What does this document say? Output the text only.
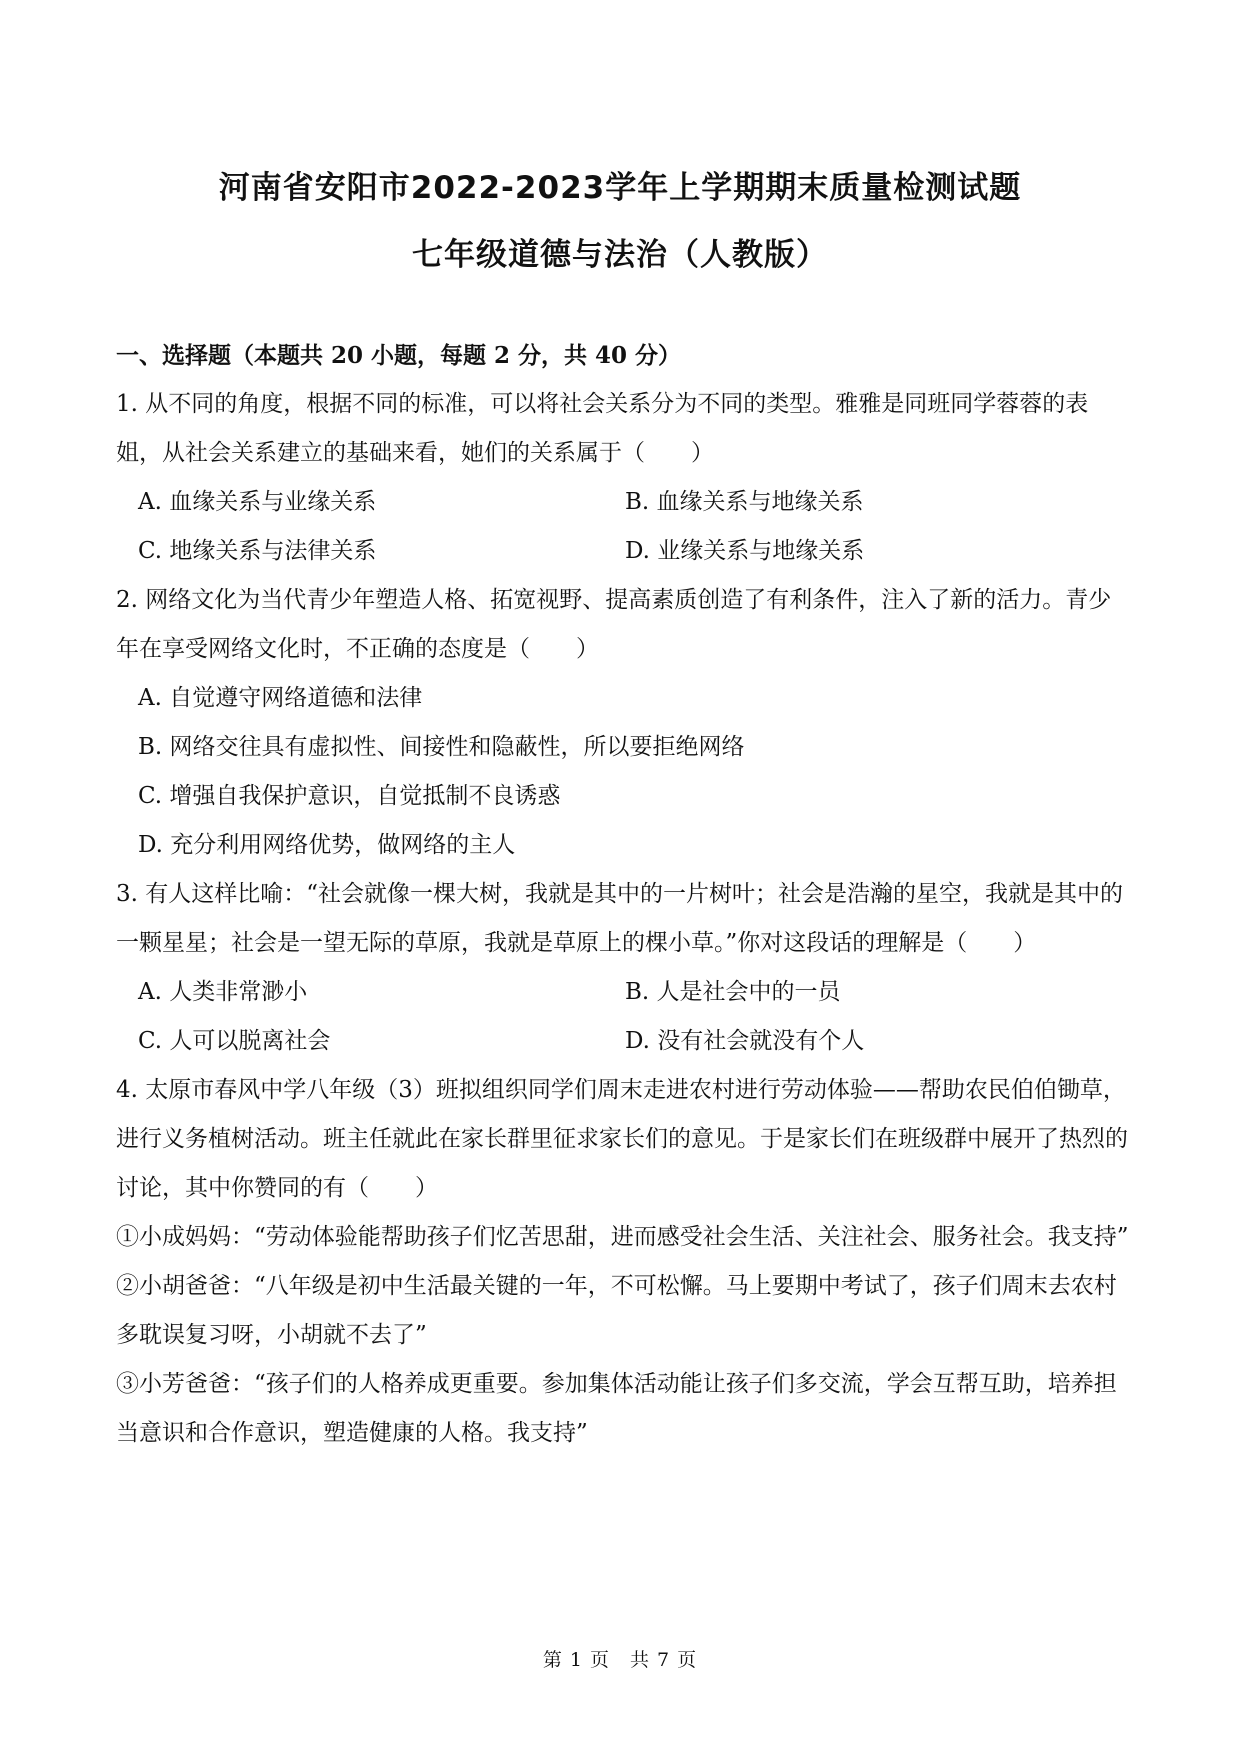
河南省安阳市2022-2023学年上学期期末质量检测试题
七年级道德与法治（人教版）
一、选择题（本题共 20 小题，每题 2 分，共 40 分）
1. 从不同的角度，根据不同的标准，可以将社会关系分为不同的类型。雅雅是同班同学蓉蓉的表姐，从社会关系建立的基础来看，她们的关系属于（　　）
A. 血缘关系与业缘关系	B. 血缘关系与地缘关系
C. 地缘关系与法律关系	D. 业缘关系与地缘关系
2. 网络文化为当代青少年塑造人格、拓宽视野、提高素质创造了有利条件，注入了新的活力。青少年在享受网络文化时，不正确的态度是（　　）
A. 自觉遵守网络道德和法律
B. 网络交往具有虚拟性、间接性和隐蔽性，所以要拒绝网络
C. 增强自我保护意识，自觉抵制不良诱惑
D. 充分利用网络优势，做网络的主人
3. 有人这样比喻：“社会就像一棵大树，我就是其中的一片树叶；社会是浩瀚的星空，我就是其中的一颗星星；社会是一望无际的草原，我就是草原上的棵小草。”你对这段话的理解是（　　）
A. 人类非常渺小	B. 人是社会中的一员
C. 人可以脱离社会	D. 没有社会就没有个人
4. 太原市春风中学八年级（3）班拟组织同学们周末走进农村进行劳动体验——帮助农民伯伯锄草，进行义务植树活动。班主任就此在家长群里征求家长们的意见。于是家长们在班级群中展开了热烈的讨论，其中你赞同的有（　　）
①小成妈妈：“劳动体验能帮助孩子们忆苦思甜，进而感受社会生活、关注社会、服务社会。我支持”
②小胡爸爸：“八年级是初中生活最关键的一年，不可松懈。马上要期中考试了，孩子们周末去农村多耽误复习呀，小胡就不去了”
③小芳爸爸：“孩子们的人格养成更重要。参加集体活动能让孩子们多交流，学会互帮互助，培养担当意识和合作意识，塑造健康的人格。我支持”
第 1 页　共 7 页
